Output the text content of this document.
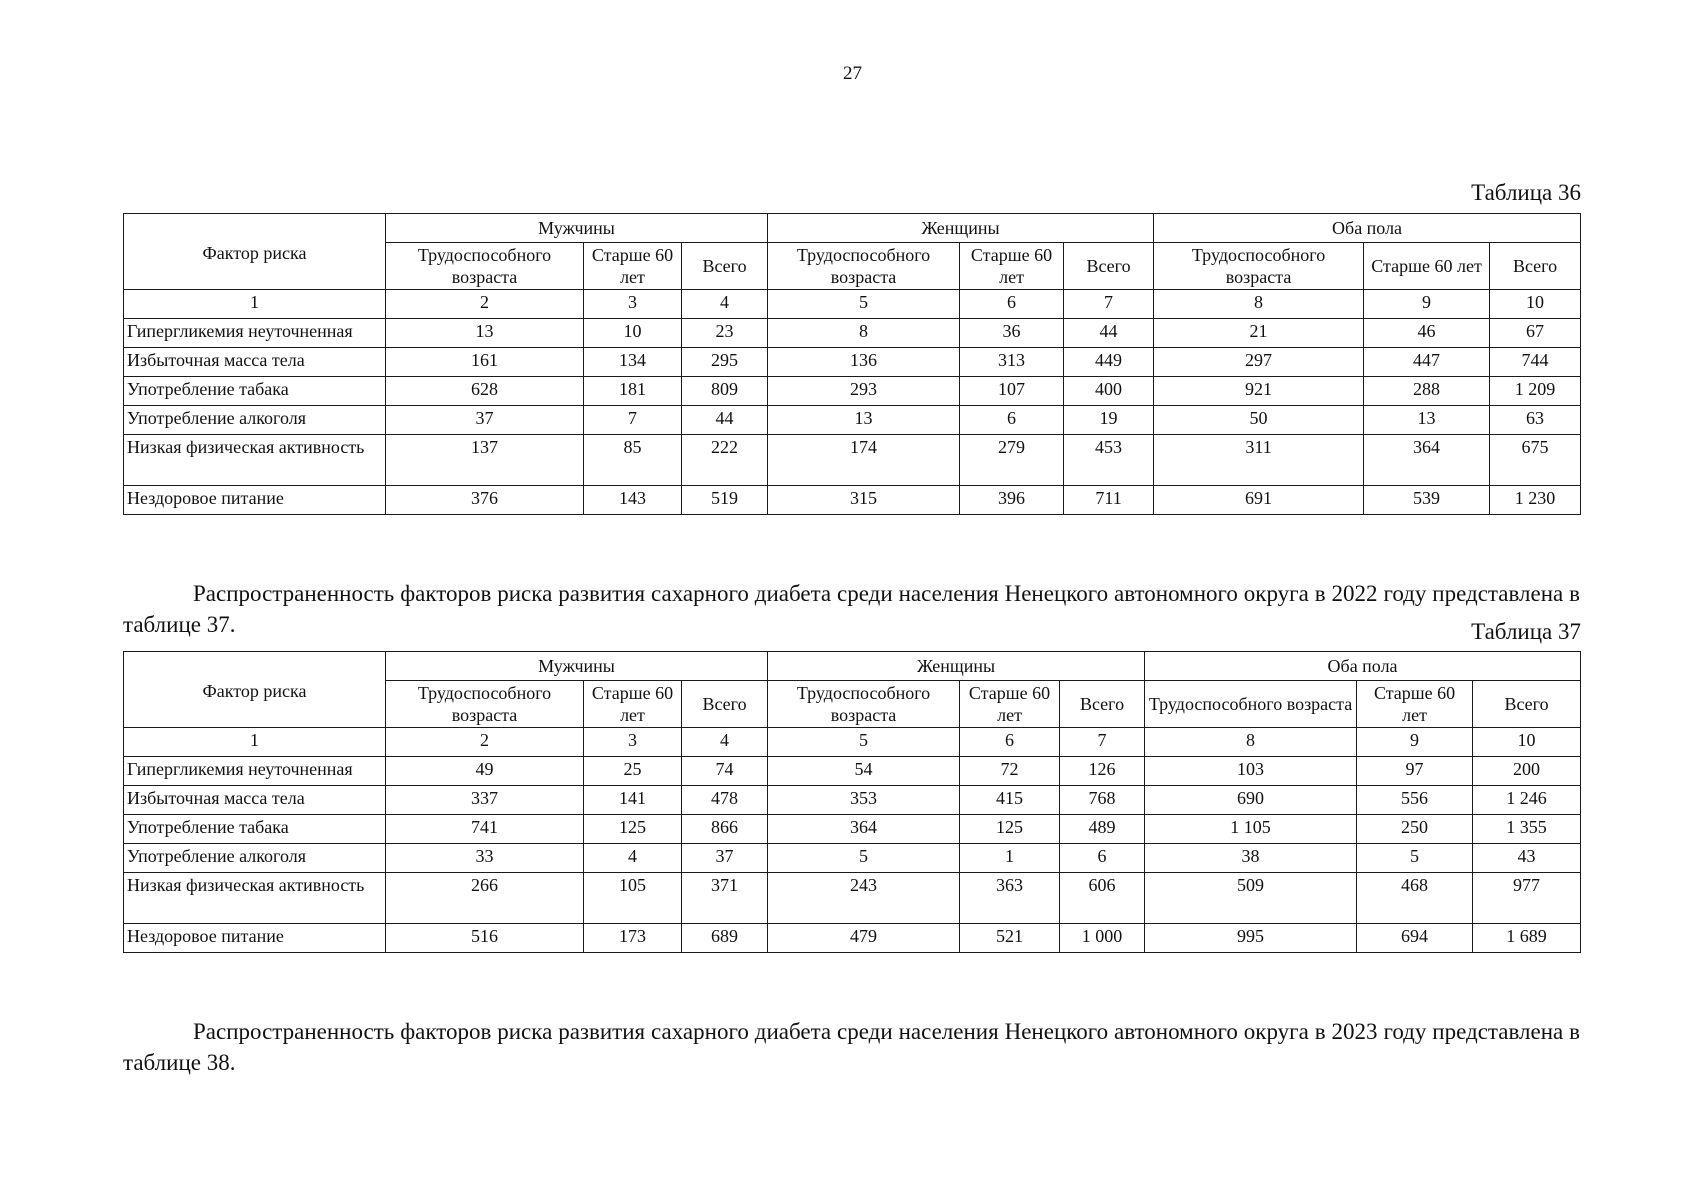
27
Таблица 36
Фактор риска	Мужчины			Женщины			Оба пола		
	Трудоспособного возраста	Старше 60 лет	Всего	Трудоспособного возраста	Старше 60 лет	Всего	Трудоспособного возраста	Старше 60 лет	Всего
1	2	3	4	5	6	7	8	9	10
Гипергликемия неуточненная	13	10	23	8	36	44	21	46	67
Избыточная масса тела	161	134	295	136	313	449	297	447	744
Употребление табака	628	181	809	293	107	400	921	288	1 209
Употребление алкоголя	37	7	44	13	6	19	50	13	63
Низкая физическая активность	137	85	222	174	279	453	311	364	675
Нездоровое питание	376	143	519	315	396	711	691	539	1 230

Распространенность факторов риска развития сахарного диабета среди населения Ненецкого автономного округа в 2022 году представлена в таблице 37.	Таблица 37
Фактор риска	Мужчины			Женщины			Оба пола		
	Трудоспособного возраста	Старше 60 лет	Всего	Трудоспособного возраста	Старше 60 лет	Всего	Трудоспособного возраста	Старше 60 лет	Всего
1	2	3	4	5	6	7	8	9	10
Гипергликемия неуточненная	49	25	74	54	72	126	103	97	200
Избыточная масса тела	337	141	478	353	415	768	690	556	1 246
Употребление табака	741	125	866	364	125	489	1 105	250	1 355
Употребление алкоголя	33	4	37	5	1	6	38	5	43
Низкая физическая активность	266	105	371	243	363	606	509	468	977
Нездоровое питание	516	173	689	479	521	1 000	995	694	1 689

Распространенность факторов риска развития сахарного диабета среди населения Ненецкого автономного округа в 2023 году представлена в таблице 38.
